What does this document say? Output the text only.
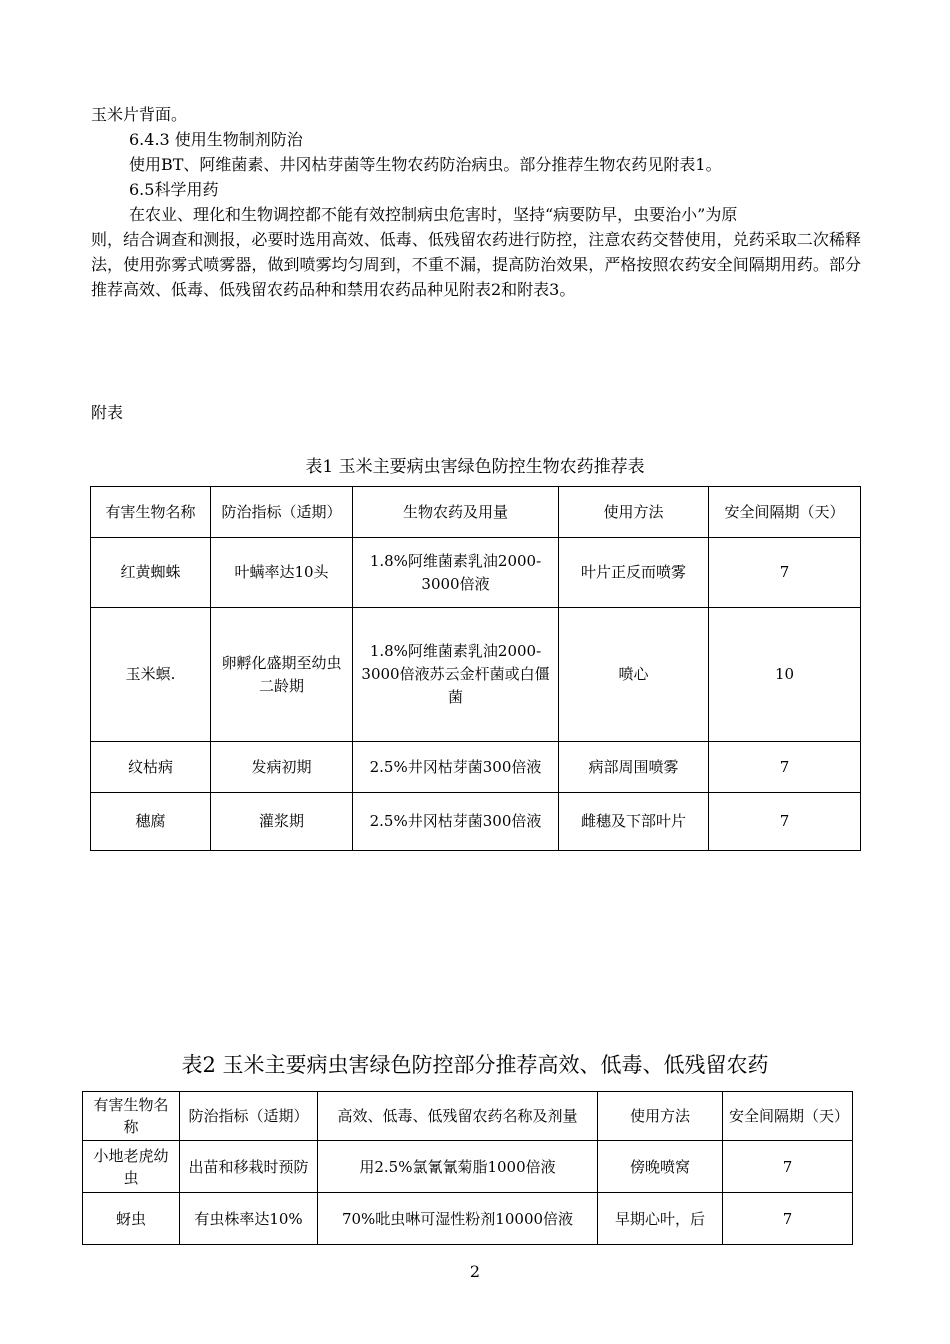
玉米片背面。

6.4.3 使用生物制剂防治

使用BT、阿维菌素、井冈枯芽菌等生物农药防治病虫。部分推荐生物农药见附表1。

6.5科学用药

在农业、理化和生物调控都不能有效控制病虫危害时，坚持“病要防早，虫要治小”为原

则，结合调查和测报，必要时选用高效、低毒、低残留农药进行防控，注意农药交替使用，兑药采取二次稀释法，使用弥雾式喷雾器，做到喷雾均匀周到，不重不漏，提高防治效果，严格按照农药安全间隔期用药。部分推荐高效、低毒、低残留农药品种和禁用农药品种见附表2和附表3。

附表

表1 玉米主要病虫害绿色防控生物农药推荐表
有害生物名称	防治指标（适期）	生物农药及用量	使用方法	安全间隔期（天）
红黄蜘蛛	叶螨率达10头	1.8%阿维菌素乳油2000-3000倍液	叶片正反而喷雾	7
玉米螟.	卵孵化盛期至幼虫二龄期	1.8%阿维菌素乳油2000-3000倍液苏云金杆菌或白僵菌	喷心	10
纹枯病	发病初期	2.5%井冈枯芽菌300倍液	病部周围喷雾	7
穗腐	灌浆期	2.5%井冈枯芽菌300倍液	雌穗及下部叶片	7
表2 玉米主要病虫害绿色防控部分推荐高效、低毒、低残留农药
有害生物名称	防治指标（适期）	高效、低毒、低残留农药名称及剂量	使用方法	安全间隔期（天）
小地老虎幼虫	出苗和移栽时预防	用2.5%氯氰氰菊脂1000倍液	傍晚喷窝	7
蚜虫	有虫株率达10%	70%吡虫啉可湿性粉剂10000倍液	早期心叶，后	7
2
